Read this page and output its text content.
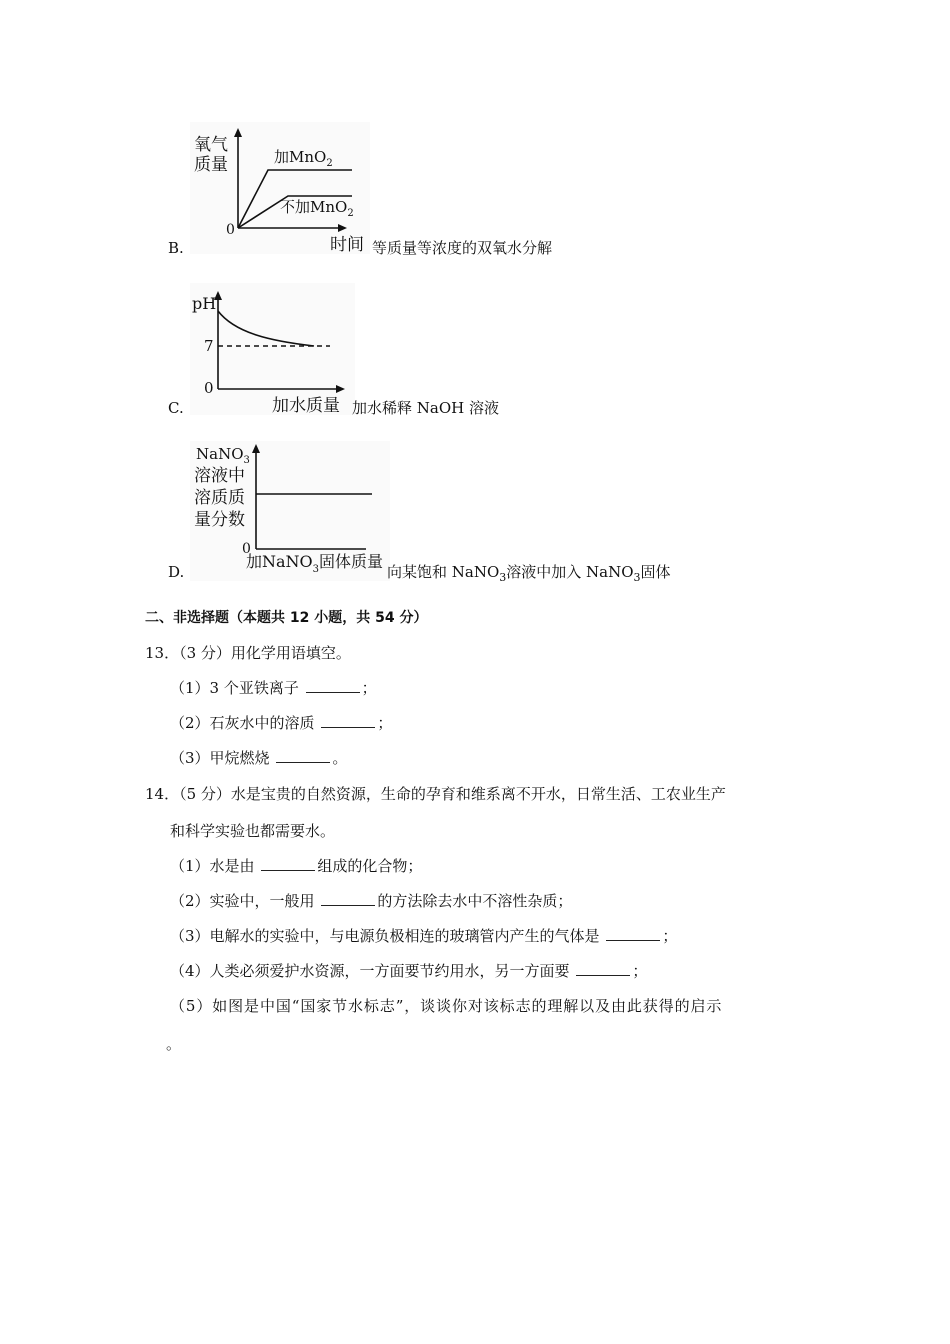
氧气
质量
0
加MnO$_2$
不加MnO$_2$
时间
B.	等质量等浓度的双氧水分解
pH
7
0
加水质量
C.	加水稀释 NaOH 溶液
NaNO$_3$
溶液中
溶质质
量分数
0
加NaNO$_3$固体质量
D.	向某饱和 NaNO$_3$溶液中加入 NaNO$_3$固体
二、非选择题（本题共 12 小题，共 54 分）
13．（3 分）用化学用语填空。
（1）3 个亚铁离子	；
（2）石灰水中的溶质	；
（3）甲烷燃烧	。
14．（5 分）水是宝贵的自然资源，生命的孕育和维系离不开水，日常生活、工农业生产
和科学实验也都需要水。
（1）水是由	组成的化合物；
（2）实验中，一般用	的方法除去水中不溶性杂质；
（3）电解水的实验中，与电源负极相连的玻璃管内产生的气体是	；
（4）人类必须爱护水资源，一方面要节约用水，另一方面要	；
（5）如图是中国“国家节水标志”，谈谈你对该标志的理解以及由此获得的启示
。
